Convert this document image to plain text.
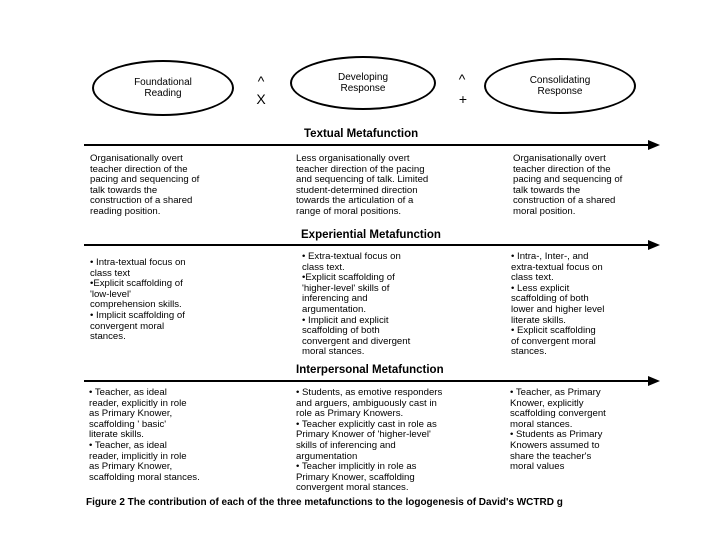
Foundational
Reading
Developing
Response
Consolidating
Response
^
X
^
+
Textual Metafunction
Organisationally overt
teacher direction of the
pacing and sequencing of
talk towards the
construction of a shared
reading position.
Less organisationally overt
teacher direction of the pacing
and sequencing of talk. Limited
student-determined direction
towards the articulation of a
range of moral positions.
Organisationally overt
teacher direction of the
pacing and sequencing of
talk towards the
construction of a shared
moral position.
Experiential Metafunction
• Intra-textual focus on
class text
•Explicit scaffolding of
'low-level'
comprehension skills.
• Implicit scaffolding of
convergent moral
stances.
• Extra-textual focus on
class text.
•Explicit scaffolding of
'higher-level' skills of
inferencing and
argumentation.
• Implicit and explicit
scaffolding of both
convergent and divergent
moral stances.
• Intra-, Inter-, and
extra-textual focus on
class text.
• Less explicit
scaffolding of both
lower and higher level
literate skills.
• Explicit scaffolding
of convergent moral
stances.
Interpersonal Metafunction
• Teacher, as ideal
reader, explicitly in role
as Primary Knower,
scaffolding ' basic'
literate skills.
• Teacher, as ideal
reader, implicitly in role
as Primary Knower,
scaffolding moral stances.
• Students, as emotive responders
and arguers, ambiguously cast in
role as Primary Knowers.
• Teacher explicitly cast in role as
Primary Knower of 'higher-level'
skills of inferencing and
argumentation
• Teacher implicitly in role as
Primary Knower, scaffolding
convergent moral stances.
• Teacher, as Primary
Knower, explicitly
scaffolding convergent
moral stances.
• Students as Primary
Knowers assumed to
share the teacher's
moral values
Figure 2 The contribution of each of the three metafunctions to the logogenesis of David's WCTRD g
